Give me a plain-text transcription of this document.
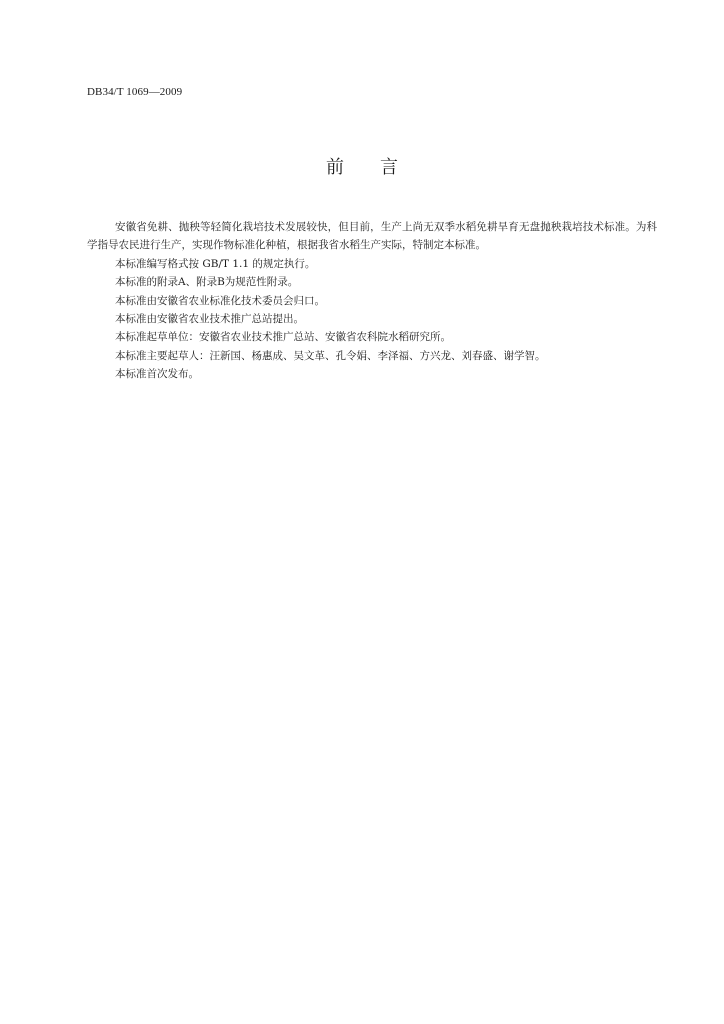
DB34/T 1069—2009
前 言

安徽省免耕、抛秧等轻简化栽培技术发展较快，但目前，生产上尚无双季水稻免耕旱育无盘抛秧栽培技术标准。为科学指导农民进行生产，实现作物标准化种植，根据我省水稻生产实际，特制定本标准。

本标准编写格式按 GB/T 1.1 的规定执行。

本标准的附录A、附录B为规范性附录。

本标准由安徽省农业标准化技术委员会归口。

本标准由安徽省农业技术推广总站提出。

本标准起草单位：安徽省农业技术推广总站、安徽省农科院水稻研究所。

本标准主要起草人：汪新国、杨惠成、吴文革、孔令娟、李泽福、方兴龙、刘春盛、谢学智。

本标准首次发布。
